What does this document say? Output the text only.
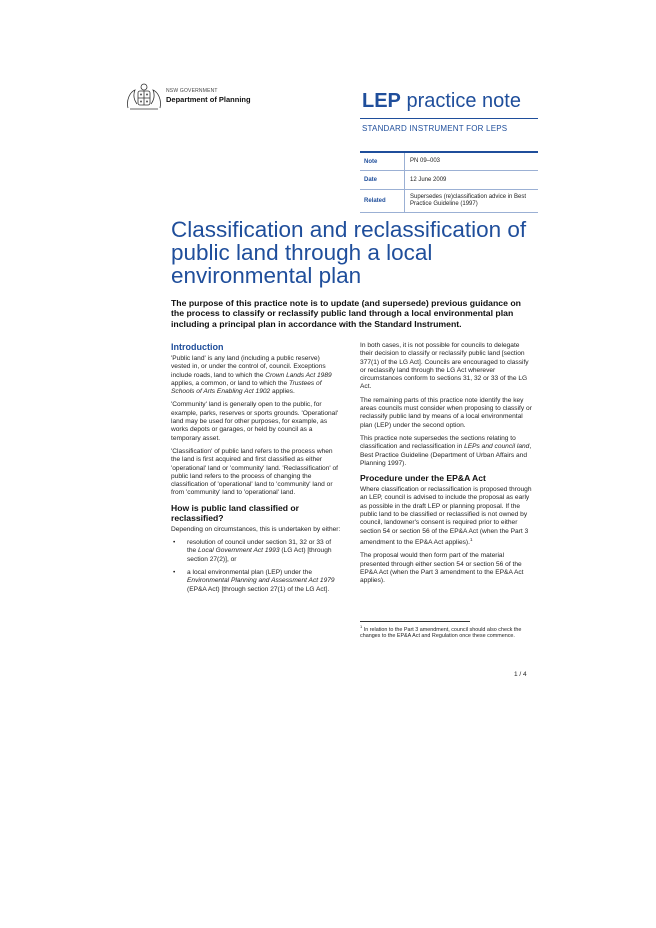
NSW GOVERNMENT
Department of Planning	LEP practice note
STANDARD INSTRUMENT FOR LEPS
Note	PN 09–003
Date	12 June 2009
Related	Supersedes (re)classification advice in Best Practice Guideline (1997)
Classification and reclassification of public land through a local environmental plan
The purpose of this practice note is to update (and supersede) previous guidance on the process to classify or reclassify public land through a local environmental plan including a principal plan in accordance with the Standard Instrument.
Introduction

'Public land' is any land (including a public reserve) vested in, or under the control of, council. Exceptions include roads, land to which the Crown Lands Act 1989 applies, a common, or land to which the Trustees of Schools of Arts Enabling Act 1902 applies.

'Community' land is generally open to the public, for example, parks, reserves or sports grounds. 'Operational' land may be used for other purposes, for example, as works depots or garages, or held by council as a temporary asset.

'Classification' of public land refers to the process when the land is first acquired and first classified as either 'operational' land or 'community' land. 'Reclassification' of public land refers to the process of changing the classification of 'operational' land to 'community' land or from 'community' land to 'operational' land.

How is public land classified or reclassified?

Depending on circumstances, this is undertaken by either:

• resolution of council under section 31, 32 or 33 of the Local Government Act 1993 (LG Act) [through section 27(2)], or
• a local environmental plan (LEP) under the Environmental Planning and Assessment Act 1979 (EP&A Act) [through section 27(1) of the LG Act].

In both cases, it is not possible for councils to delegate their decision to classify or reclassify public land [section 377(1) of the LG Act]. Councils are encouraged to classify or reclassify land through the LG Act wherever circumstances conform to sections 31, 32 or 33 of the LG Act.

The remaining parts of this practice note identify the key areas councils must consider when proposing to classify or reclassify public land by means of a local environmental plan (LEP) under the second option.

This practice note supersedes the sections relating to classification and reclassification in LEPs and council land, Best Practice Guideline (Department of Urban Affairs and Planning 1997).

Procedure under the EP&A Act

Where classification or reclassification is proposed through an LEP, council is advised to include the proposal as early as possible in the draft LEP or planning proposal. If the public land to be classified or reclassified is not owned by council, landowner's consent is required prior to either section 54 or section 56 of the EP&A Act (when the Part 3 amendment to the EP&A Act applies).$^1$

The proposal would then form part of the material presented through either section 54 or section 56 of the EP&A Act (when the Part 3 amendment to the EP&A Act applies).

$^1$ In relation to the Part 3 amendment, council should also check the changes to the EP&A Act and Regulation once these commence.
1 / 4
